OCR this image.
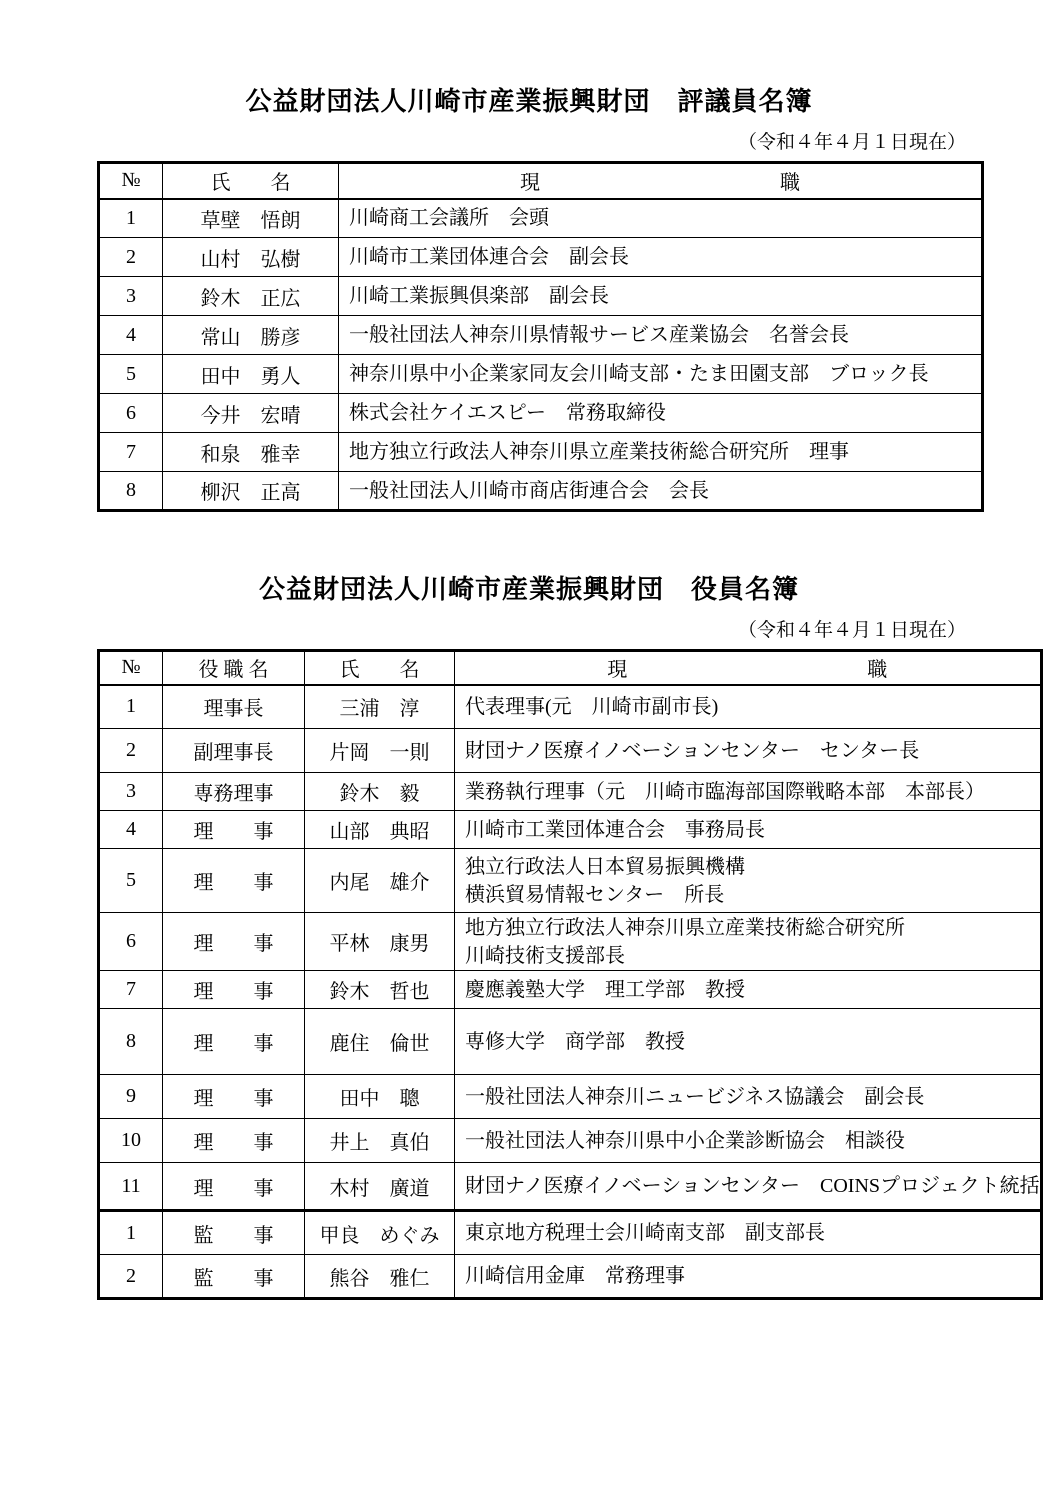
公益財団法人川崎市産業振興財団　評議員名簿
（令和４年４月１日現在）
№	氏　　名	現　　　　　　　　　　　　職
1	草壁　悟朗	川崎商工会議所　会頭

2	山村　弘樹	川崎市工業団体連合会　副会長

3	鈴木　正広	川崎工業振興倶楽部　副会長

4	常山　勝彦	一般社団法人神奈川県情報サービス産業協会　名誉会長

5	田中　勇人	神奈川県中小企業家同友会川崎支部・たま田園支部　ブロック長

6	今井　宏晴	株式会社ケイエスピー　常務取締役

7	和泉　雅幸	地方独立行政法人神奈川県立産業技術総合研究所　理事

8	柳沢　正高	一般社団法人川崎市商店街連合会　会長
公益財団法人川崎市産業振興財団　役員名簿
（令和４年４月１日現在）
№	役 職 名	氏　　名	現　　　　　　　　　　　　職
1	理事長	三浦　淳	代表理事(元　川崎市副市長)

2	副理事長	片岡　一則	財団ナノ医療イノベーションセンター　センター長

3	専務理事	鈴木　毅	業務執行理事（元　川崎市臨海部国際戦略本部　本部長）

4	理　　事	山部　典昭	川崎市工業団体連合会　事務局長

5	理　　事	内尾　雄介	独立行政法人日本貿易振興機構
横浜貿易情報センター　所長

6	理　　事	平林　康男	地方独立行政法人神奈川県立産業技術総合研究所
川崎技術支援部長

7	理　　事	鈴木　哲也	慶應義塾大学　理工学部　教授

8	理　　事	鹿住　倫世	専修大学　商学部　教授

9	理　　事	田中　聰	一般社団法人神奈川ニュービジネス協議会　副会長

10	理　　事	井上　真伯	一般社団法人神奈川県中小企業診断協会　相談役

11	理　　事	木村　廣道	財団ナノ医療イノベーションセンター　COINSプロジェクト統括

1	監　　事	甲良　めぐみ	東京地方税理士会川崎南支部　副支部長

2	監　　事	熊谷　雅仁	川崎信用金庫　常務理事
